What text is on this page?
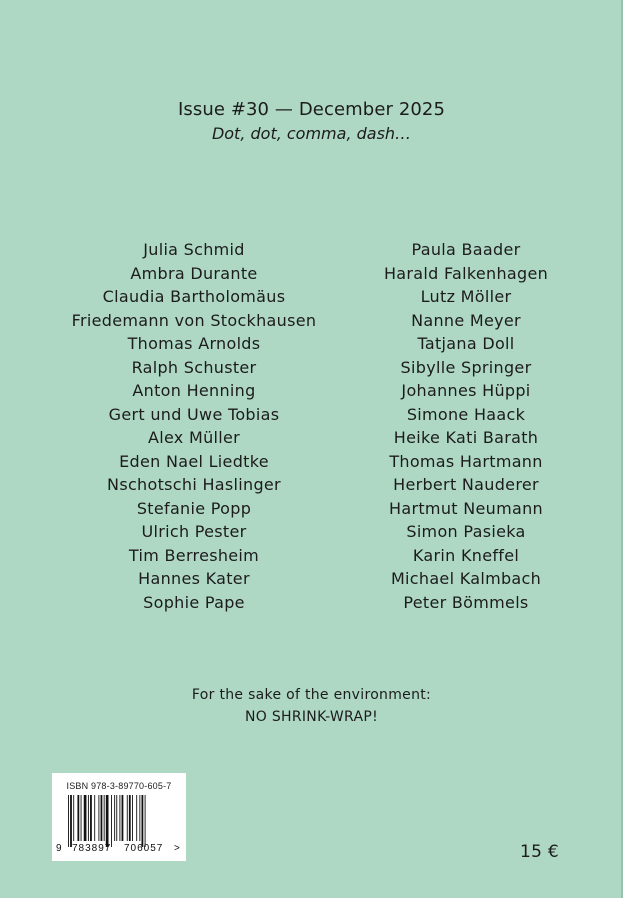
Issue #30 — December 2025
Dot, dot, comma, dash…
Julia Schmid
Ambra Durante
Claudia Bartholomäus
Friedemann von Stockhausen
Thomas Arnolds
Ralph Schuster
Anton Henning
Gert und Uwe Tobias
Alex Müller
Eden Nael Liedtke
Nschotschi Haslinger
Stefanie Popp
Ulrich Pester
Tim Berresheim
Hannes Kater
Sophie Pape
Paula Baader
Harald Falkenhagen
Lutz Möller
Nanne Meyer
Tatjana Doll
Sibylle Springer
Johannes Hüppi
Simone Haack
Heike Kati Barath
Thomas Hartmann
Herbert Nauderer
Hartmut Neumann
Simon Pasieka
Karin Kneffel
Michael Kalmbach
Peter Bömmels
For the sake of the environment:
NO SHRINK-WRAP!
ISBN 978-3-89770-605-7
9 783897 706057 >	15 €
